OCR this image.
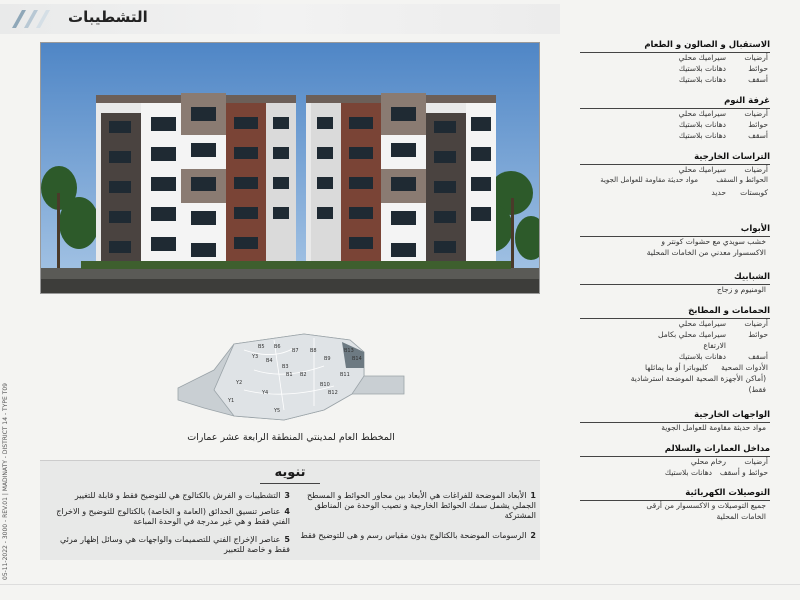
التشطيبات
B5 B6
B7 B8
B4
B3
B1 B2
B9
B10
B11
B12
B13
B14
Y1
Y2
Y3
Y4
Y5
المخطط العام لمدينتي المنطقة الرابعة عشر عمارات
تنويه
1الأبعاد الموضحة للفراغات هي الأبعاد بين محاور الحوائط و المسطح الجملي يشمل سمك الحوائط الخارجية و نصيب الوحدة من المناطق المشتركة
2الرسومات الموضحة بالكتالوج بدون مقياس رسم و هى للتوضيح فقط
3التشطيبات و الفرش بالكتالوج هي للتوضيح فقط و قابلة للتغيير
4عناصر تنسيق الحدائق (العامة و الخاصة) بالكتالوج للتوضيح و الاخراج الفني فقط و هي غير مدرجة في الوحدة المباعة
5عناصر الإخراج الفني للتصميمات والواجهات هي وسائل إظهار مرئي فقط و خاصة للتعبير
الاستقبال و الصالون و الطعام
أرضيات
سيراميك محلي
حوائط
دهانات بلاستيك
أسقف
دهانات بلاستيك
غرفة النوم
أرضيات
سيراميك محلي
حوائط
دهانات بلاستيك
أسقف
دهانات بلاستيك
التراسات الخارجية
أرضيات
سيراميك محلي
الحوائط و السقف
مواد حديثة مقاومة للعوامل الجوية
كوبستات
حديد
الأبواب
خشب سويدي مع حشوات كونتر و
الاكسسوار معدني من الخامات المحلية
الشبابيك
الومنيوم و زجاج
الحمامات و المطابخ
أرضيات
سيراميك محلي
حوائط
سيراميك محلي بكامل
الارتفاع
أسقف
دهانات بلاستيك
الأدوات الصحية
كليوباترا أو ما يماثلها
(أماكن الأجهزة الصحية الموضحة استرشادية
فقط)
الواجهات الخارجية
مواد حديثة مقاومة للعوامل الجوية
مداخل العمارات والسلالم
أرضيات
رخام محلي
حوائط و أسقف
دهانات بلاستيك
التوصيلات الكهربائية
جميع التوصيلات و الاكسسوار من أرقى
الخامات المحلية
05-11-2022 - 3000 - REV.01 | MADINATY - DISTRICT 14 - TYPE T09
